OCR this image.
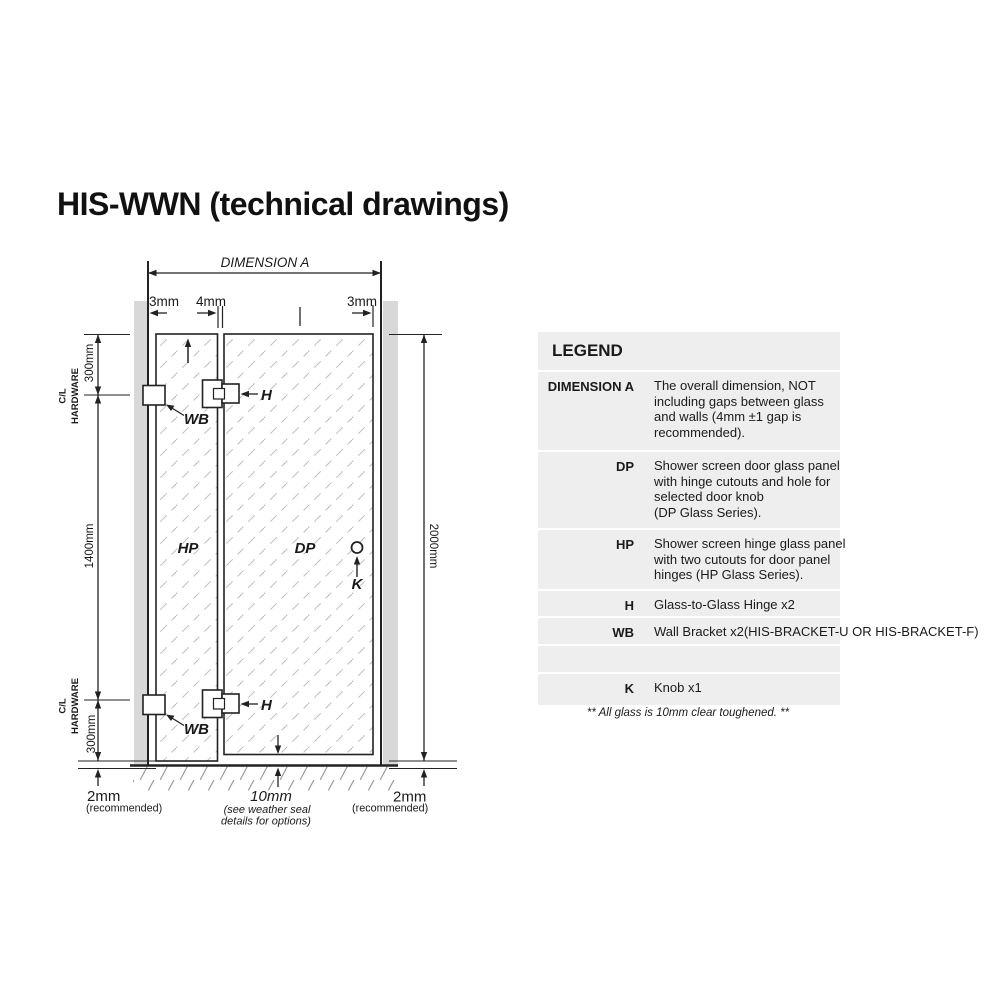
HIS-WWN (technical drawings)
DIMENSION A
3mm 4mm	3mm
C/L HARDWARE
300mm
1400mm
C/L HARDWARE
300mm
2000mm
H
WB
H
WB
HP	DP
K
10mm
(see weather seal
details for options)
2mm
(recommended)
2mm
(recommended)
LEGEND
DIMENSION A The overall dimension, NOT
including gaps between glass
and walls (4mm ±1 gap is
recommended).
DP Shower screen door glass panel
with hinge cutouts and hole for
selected door knob
(DP Glass Series).
HP Shower screen hinge glass panel
with two cutouts for door panel
hinges (HP Glass Series).
H Glass-to-Glass Hinge x2
WB Wall Bracket x2(HIS-BRACKET-U OR HIS-BRACKET-F)
K Knob x1
** All glass is 10mm clear toughened. **
